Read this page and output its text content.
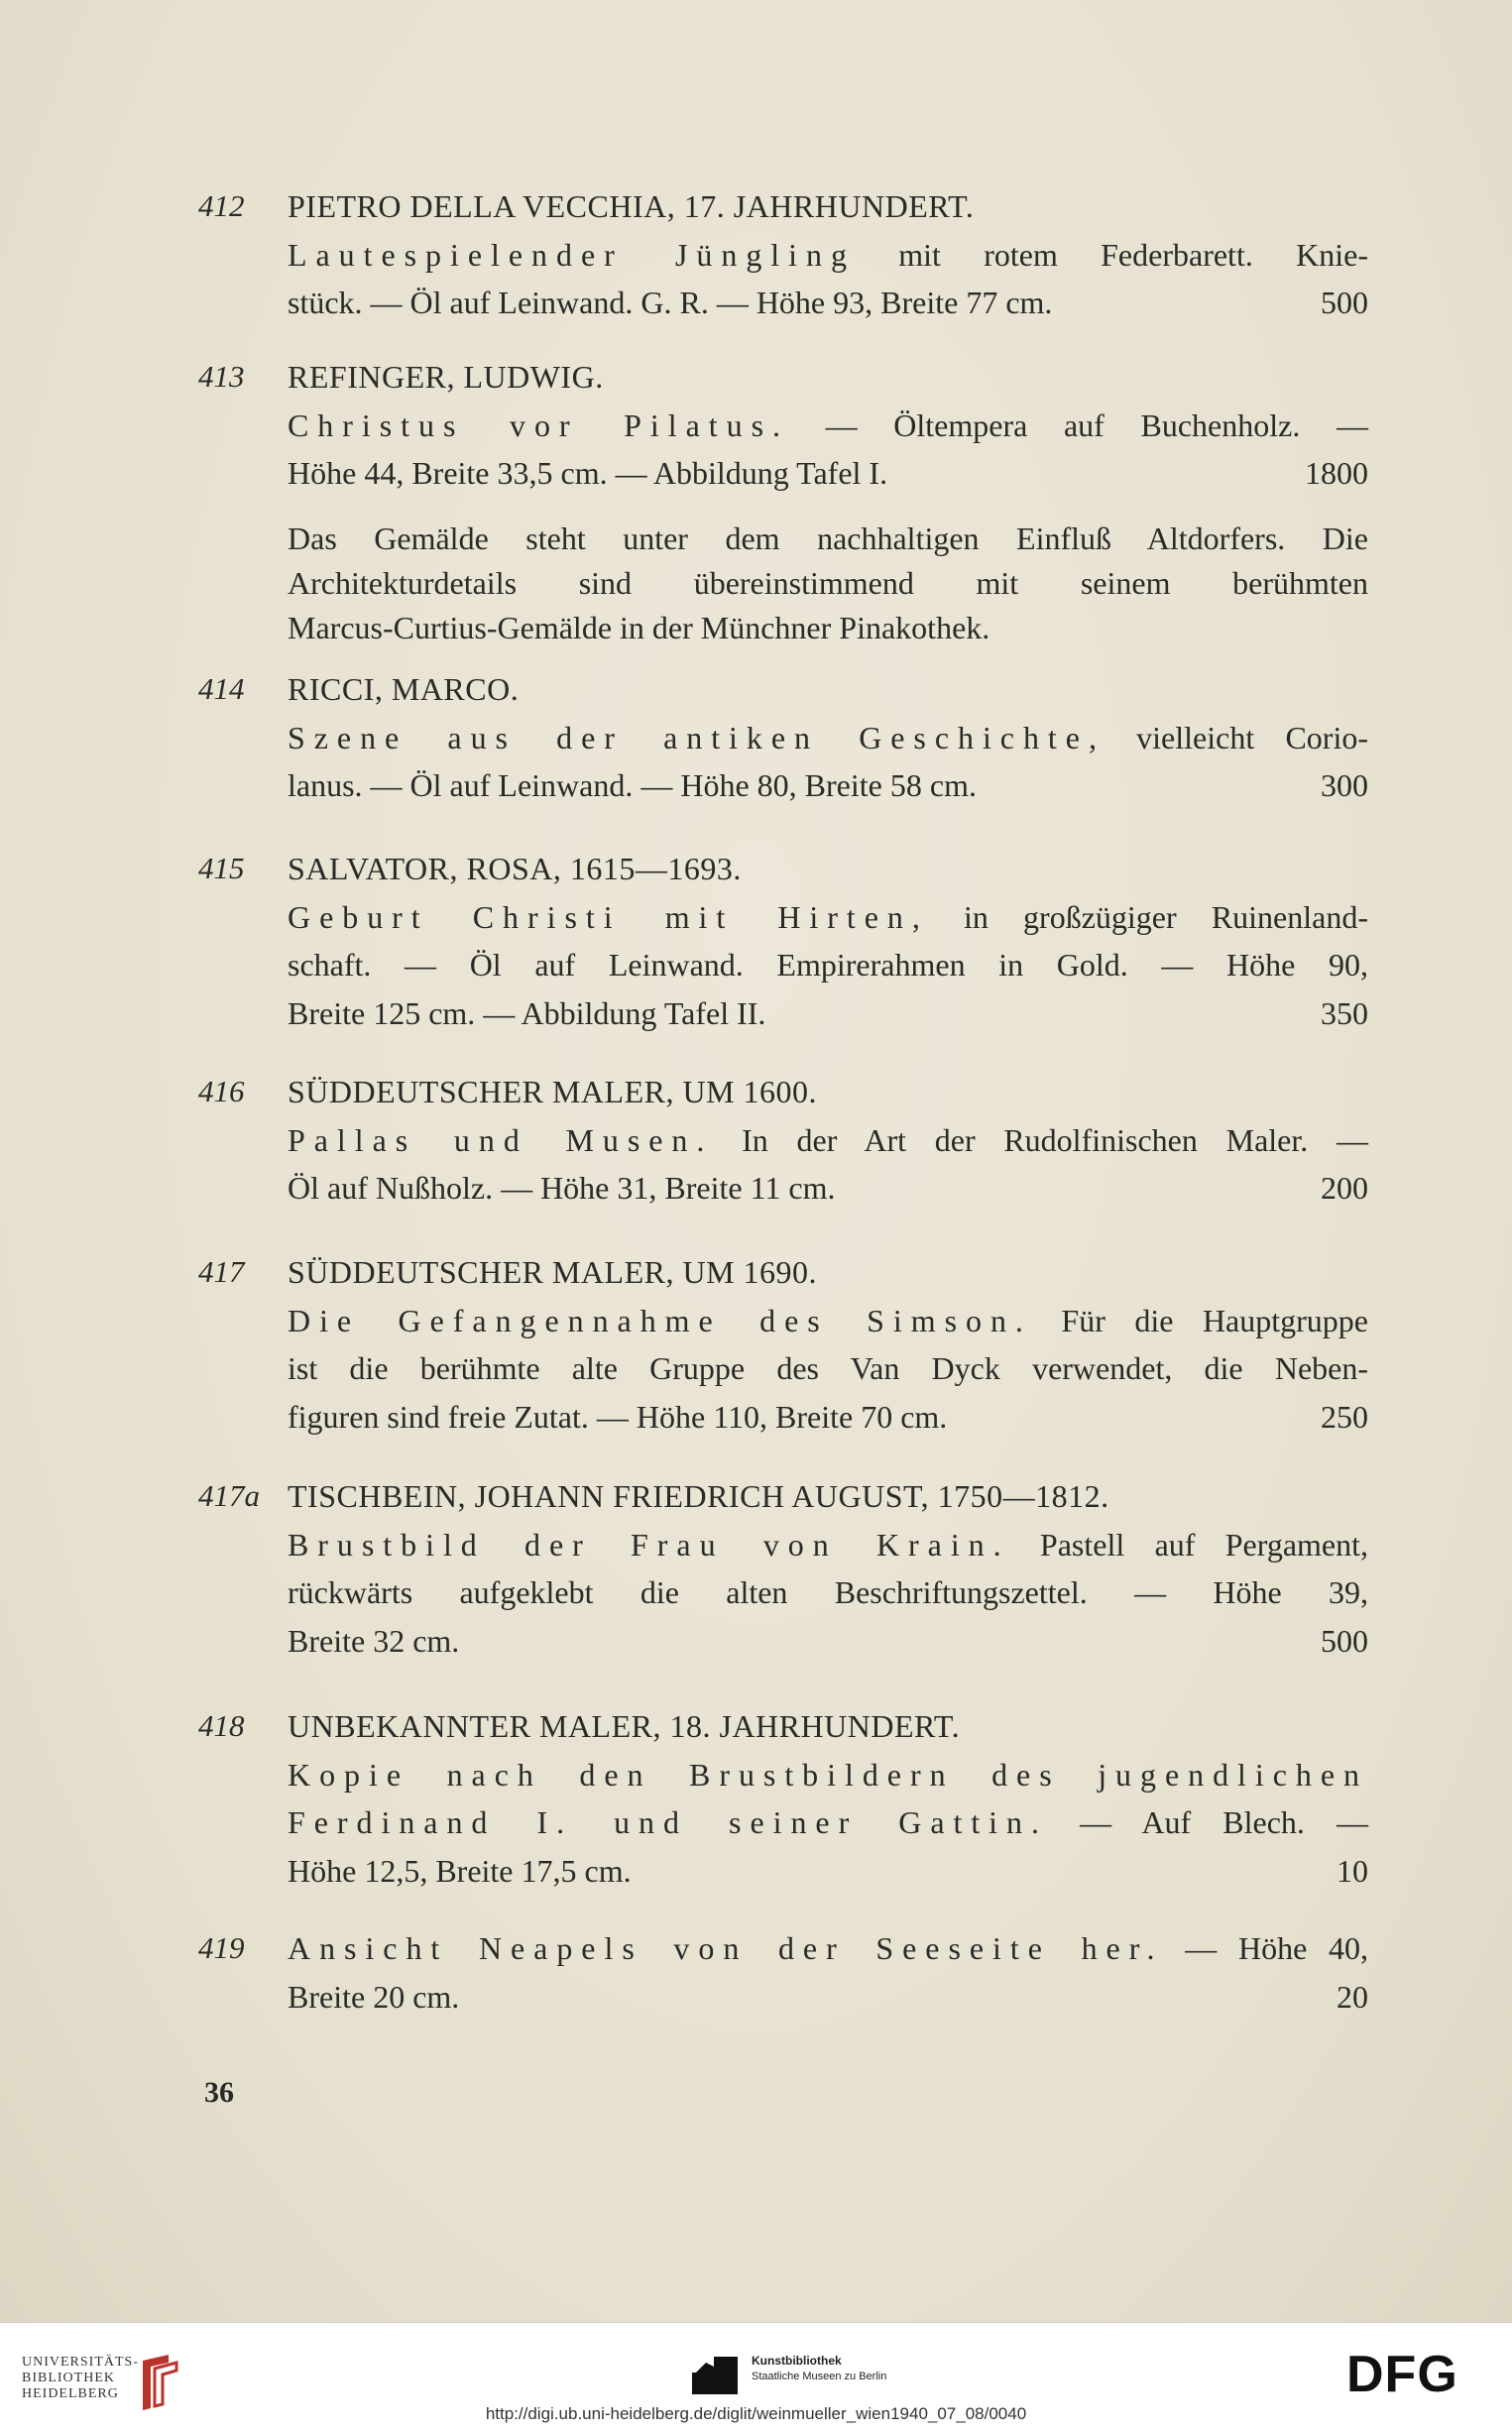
412	PIETRO DELLA VECCHIA, 17. JAHRHUNDERT.
Lautespielender Jüngling mit rotem Federbarett. Knie-
stück. — Öl auf Leinwand. G. R. — Höhe 93, Breite 77 cm.	500
413	REFINGER, LUDWIG.
Christus vor Pilatus. — Öltempera auf Buchenholz. —
Höhe 44, Breite 33,5 cm. — Abbildung Tafel I.	1800
Das Gemälde steht unter dem nachhaltigen Einfluß Altdorfers. Die
Architekturdetails sind übereinstimmend mit seinem berühmten
Marcus-Curtius-Gemälde in der Münchner Pinakothek.
414	RICCI, MARCO.
Szene aus der antiken Geschichte, vielleicht Corio-
lanus. — Öl auf Leinwand. — Höhe 80, Breite 58 cm.	300
415	SALVATOR, ROSA, 1615—1693.
Geburt Christi mit Hirten, in großzügiger Ruinenland-
schaft. — Öl auf Leinwand. Empirerahmen in Gold. — Höhe 90,
Breite 125 cm. — Abbildung Tafel II.	350
416	SÜDDEUTSCHER MALER, UM 1600.
Pallas und Musen. In der Art der Rudolfinischen Maler. —
Öl auf Nußholz. — Höhe 31, Breite 11 cm.	200
417	SÜDDEUTSCHER MALER, UM 1690.
Die Gefangennahme des Simson. Für die Hauptgruppe
ist die berühmte alte Gruppe des Van Dyck verwendet, die Neben-
figuren sind freie Zutat. — Höhe 110, Breite 70 cm.	250
417a TISCHBEIN, JOHANN FRIEDRICH AUGUST, 1750—1812.
Brustbild der Frau von Krain. Pastell auf Pergament,
rückwärts aufgeklebt die alten Beschriftungszettel. — Höhe 39,
Breite 32 cm.	500
418	UNBEKANNTER MALER, 18. JAHRHUNDERT.
Kopie nach den Brustbildern des jugendlichen
Ferdinand I. und seiner Gattin. — Auf Blech. —
Höhe 12,5, Breite 17,5 cm.	10
419	Ansicht Neapels von der Seeseite her. — Höhe 40,
Breite 20 cm.	20
36
UNIVERSITÄTS-
BIBLIOTHEK
HEIDELBERG
Kunstbibliothek
Staatliche Museen zu Berlin	DFG
http://digi.ub.uni-heidelberg.de/diglit/weinmueller_wien1940_07_08/0040
